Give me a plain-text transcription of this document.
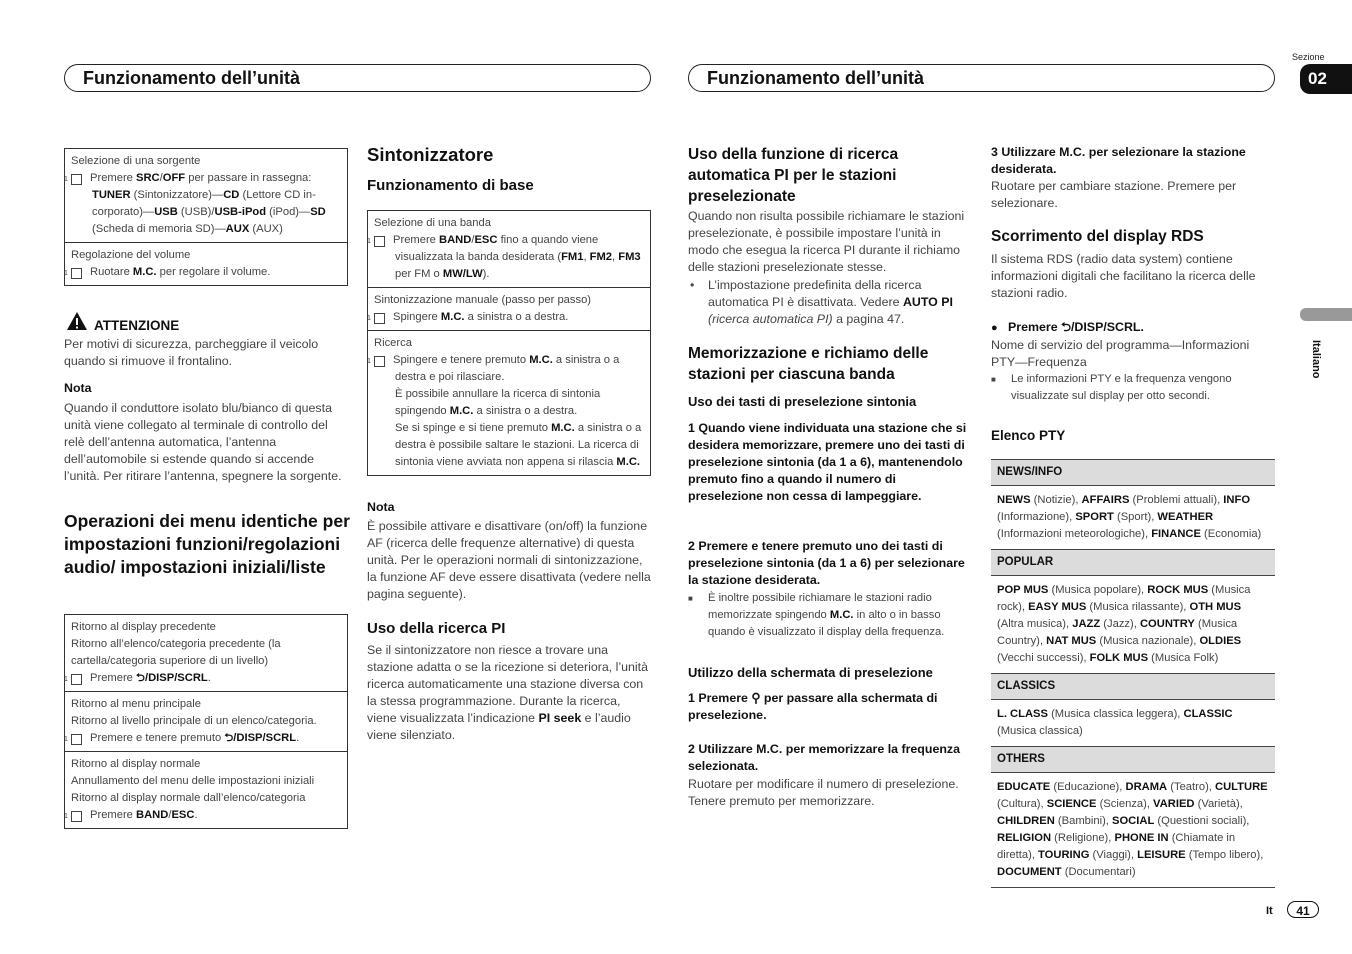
Funzionamento dell’unità	Funzionamento dell’unità
Sezione
02
Italiano
Selezione di una sorgente
1 Premere SRC/OFF per passare in rassegna:
TUNER (Sintonizzatore)—CD (Lettore CD in-corporato)—USB (USB)/USB-iPod (iPod)—SD (Scheda di memoria SD)—AUX (AUX)
Regolazione del volume
1 Ruotare M.C. per regolare il volume.
ATTENZIONE
Per motivi di sicurezza, parcheggiare il veicolo quando si rimuove il frontalino.
Nota
Quando il conduttore isolato blu/bianco di questa unità viene collegato al terminale di controllo del relè dell’antenna automatica, l’antenna dell’automobile si estende quando si accende l’unità. Per ritirare l’antenna, spegnere la sorgente.
Operazioni dei menu identiche per impostazioni funzioni/regolazioni audio/ impostazioni iniziali/liste
Ritorno al display precedente
Ritorno all’elenco/categoria precedente (la cartella/categoria superiore di un livello)
1 Premere ⮌/DISP/SCRL.
Ritorno al menu principale
Ritorno al livello principale di un elenco/categoria.
1 Premere e tenere premuto ⮌/DISP/SCRL.
Ritorno al display normale
Annullamento del menu delle impostazioni iniziali
Ritorno al display normale dall’elenco/categoria
1 Premere BAND/ESC.
Sintonizzatore
Funzionamento di base
Selezione di una banda
1 Premere BAND/ESC fino a quando viene visualizzata la banda desiderata (FM1, FM2, FM3 per FM o MW/LW).
Sintonizzazione manuale (passo per passo)
1 Spingere M.C. a sinistra o a destra.
Ricerca
1 Spingere e tenere premuto M.C. a sinistra o a destra e poi rilasciare.
È possibile annullare la ricerca di sintonia spingendo M.C. a sinistra o a destra.
Se si spinge e si tiene premuto M.C. a sinistra o a destra è possibile saltare le stazioni. La ricerca di sintonia viene avviata non appena si rilascia M.C.
Nota
È possibile attivare e disattivare (on/off) la funzione AF (ricerca delle frequenze alternative) di questa unità. Per le operazioni normali di sintonizzazione, la funzione AF deve essere disattivata (vedere nella pagina seguente).
Uso della ricerca PI
Se il sintonizzatore non riesce a trovare una stazione adatta o se la ricezione si deteriora, l’unità ricerca automaticamente una stazione diversa con la stessa programmazione. Durante la ricerca, viene visualizzata l’indicazione PI seek e l’audio viene silenziato.
Uso della funzione di ricerca automatica PI per le stazioni preselezionate
Quando non risulta possibile richiamare le stazioni preselezionate, è possibile impostare l’unità in modo che esegua la ricerca PI durante il richiamo delle stazioni preselezionate stesse.
• L’impostazione predefinita della ricerca automatica PI è disattivata. Vedere AUTO PI (ricerca automatica PI) a pagina 47.
Memorizzazione e richiamo delle stazioni per ciascuna banda
Uso dei tasti di preselezione sintonia
1 Quando viene individuata una stazione che si desidera memorizzare, premere uno dei tasti di preselezione sintonia (da 1 a 6), mantenendolo premuto fino a quando il numero di preselezione non cessa di lampeggiare.
2 Premere e tenere premuto uno dei tasti di preselezione sintonia (da 1 a 6) per selezionare la stazione desiderata.
■ È inoltre possibile richiamare le stazioni radio memorizzate spingendo M.C. in alto o in basso quando è visualizzato il display della frequenza.
Utilizzo della schermata di preselezione
1 Premere ⚲ per passare alla schermata di preselezione.
2 Utilizzare M.C. per memorizzare la frequenza selezionata.
Ruotare per modificare il numero di preselezione. Tenere premuto per memorizzare.
3 Utilizzare M.C. per selezionare la stazione desiderata.
Ruotare per cambiare stazione. Premere per selezionare.
Scorrimento del display RDS
Il sistema RDS (radio data system) contiene informazioni digitali che facilitano la ricerca delle stazioni radio.
● Premere ⮌/DISP/SCRL.
Nome di servizio del programma—Informazioni PTY—Frequenza
■ Le informazioni PTY e la frequenza vengono visualizzate sul display per otto secondi.
Elenco PTY
NEWS/INFO
NEWS (Notizie), AFFAIRS (Problemi attuali), INFO (Informazione), SPORT (Sport), WEATHER (Informazioni meteorologiche), FINANCE (Economia)
POPULAR
POP MUS (Musica popolare), ROCK MUS (Musica rock), EASY MUS (Musica rilassante), OTH MUS (Altra musica), JAZZ (Jazz), COUNTRY (Musica Country), NAT MUS (Musica nazionale), OLDIES (Vecchi successi), FOLK MUS (Musica Folk)
CLASSICS
L. CLASS (Musica classica leggera), CLASSIC (Musica classica)
OTHERS
EDUCATE (Educazione), DRAMA (Teatro), CULTURE (Cultura), SCIENCE (Scienza), VARIED (Varietà), CHILDREN (Bambini), SOCIAL (Questioni sociali), RELIGION (Religione), PHONE IN (Chiamate in diretta), TOURING (Viaggi), LEISURE (Tempo libero), DOCUMENT (Documentari)
It	41
